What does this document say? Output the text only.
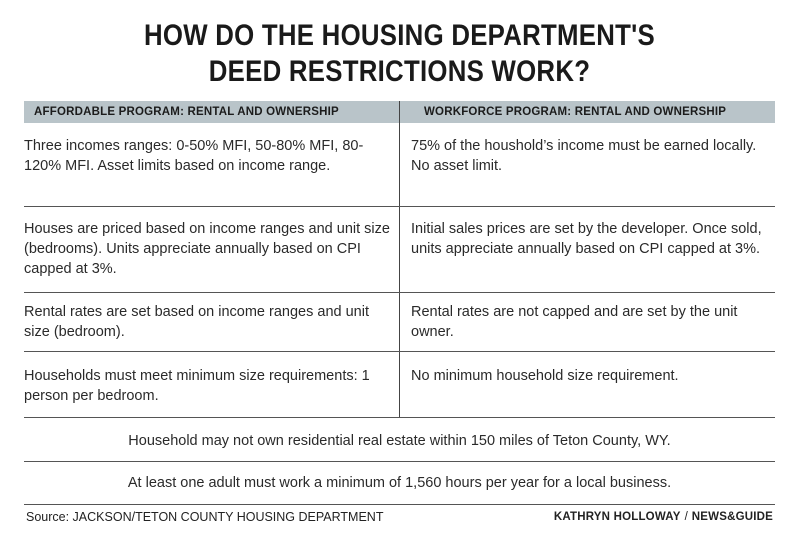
HOW DO THE HOUSING DEPARTMENT'S
DEED RESTRICTIONS WORK?
AFFORDABLE PROGRAM: RENTAL AND OWNERSHIP	WORKFORCE PROGRAM: RENTAL AND OWNERSHIP
Three incomes ranges: 0-50% MFI, 50-80% MFI, 80-120% MFI. Asset limits based on income range.
75% of the houshold’s income must be earned locally. No asset limit.
Houses are priced based on income ranges and unit size (bedrooms). Units appreciate annually based on CPI capped at 3%.
Initial sales prices are set by the developer. Once sold, units appreciate annually based on CPI capped at 3%.
Rental rates are set based on income ranges and unit size (bedroom).
Rental rates are not capped and are set by the unit owner.
Households must meet minimum size requirements: 1 person per bedroom.
No minimum household size requirement.
Household may not own residential real estate within 150 miles of Teton County, WY.
At least one adult must work a minimum of 1,560 hours per year for a local business.
Source: JACKSON/TETON COUNTY HOUSING DEPARTMENT	KATHRYN HOLLOWAY / NEWS&GUIDE
